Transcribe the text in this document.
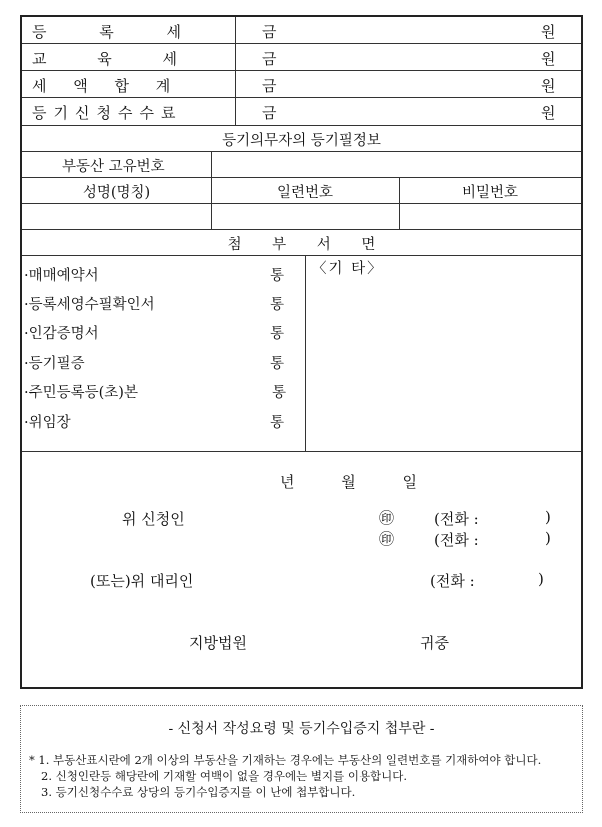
등 록 세	금	원
교 육 세	금	원
세 액 합 계	금	원
등기신청수수료	금	원
등기의무자의 등기필정보
부동산 고유번호
성명(명칭)	일련번호	비밀번호
첨 부 서 면
·매매예약서	통
·등록세영수필확인서	통
·인감증명서	통
·등기필증	통
·주민등록등(초)본	통
·위임장	통
〈기 타〉
년 월 일
위 신청인	㊞	(전화 :	)
㊞	(전화 :	)
(또는)위 대리인	(전화 :	)
지방법원	귀중
- 신청서 작성요령 및 등기수입증지 첩부란 -
* 1. 부동산표시란에 2개 이상의 부동산을 기재하는 경우에는 부동산의 일련번호를 기재하여야 합니다.
2. 신청인란등 해당란에 기재할 여백이 없을 경우에는 별지를 이용합니다.
3. 등기신청수수료 상당의 등기수입증지를 이 난에 첩부합니다.
